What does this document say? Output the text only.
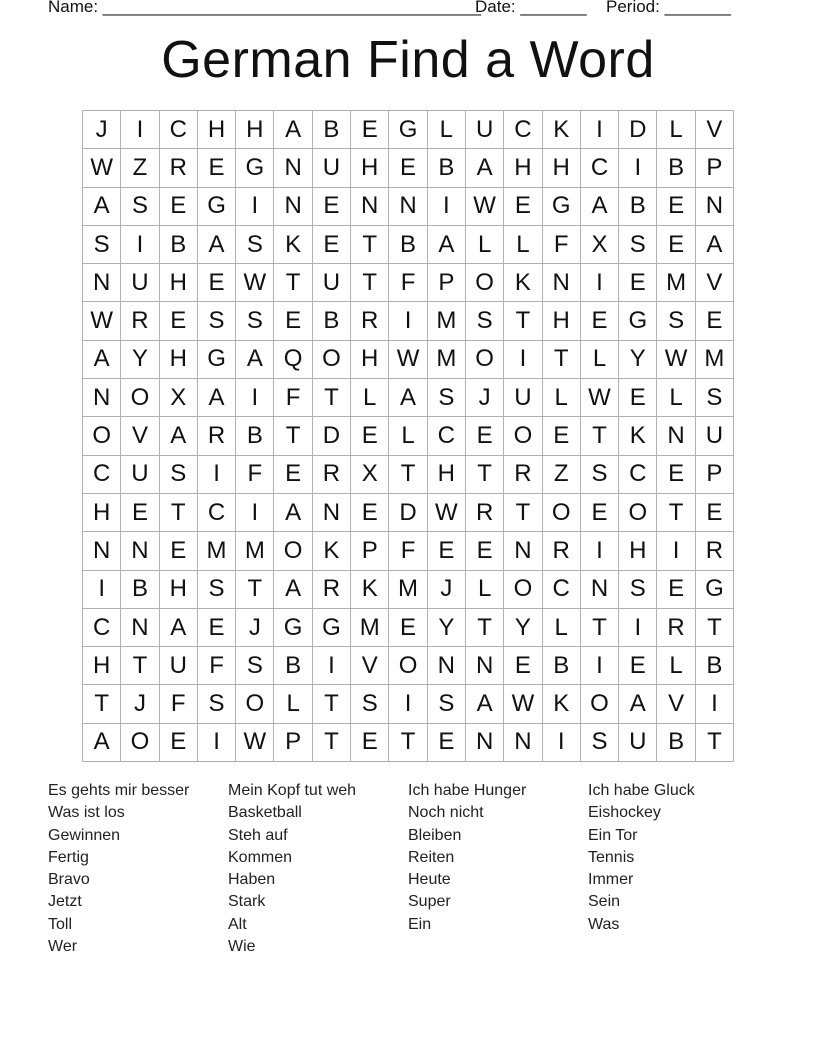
Name: ________________________________________
Date: _______ Period: _______
German Find a Word
J	I	C H H A B E G L U C K	I	D L V
W Z R E G N U H E B A H H C	I	B P
A S E G	I	N E N N	I W E G A B E N
S	I	B A S K E T B A L	L	F X S E A
N U H E W T U T F P O K N	I	E M V
W R E S S E B R	I	M S T H E G S E
A Y H G A Q O H W M O	I	T	L Y W M
N O X A	I	F T	L A S	J U L W E L S
O V A R B T D E L C E O E T K N U
C U S	I	F E R X T H T R Z S C E P
H E T C	I	A N E D W R T O E O T E
N N E M M O K P F E E N R	I	H	I	R
I	B H S T A R K M J	L O C N S E G
C N A E	J G G M E Y T Y L	T	I	R T
H T U F S B	I	V O N N E B	I	E L B
T	J	F S O L	T S	I	S A W K O A V	I
A O E	I W P T E T E N N	I	S U B T
Es gehts mir besser
Was ist los
Gewinnen
Fertig
Bravo
Jetzt
Toll
Wer
Mein Kopf tut weh
Basketball
Steh auf
Kommen
Haben
Stark
Alt
Wie
Ich habe Hunger
Noch nicht
Bleiben
Reiten
Heute
Super
Ein
Ich habe Gluck
Eishockey
Ein Tor
Tennis
Immer
Sein
Was
